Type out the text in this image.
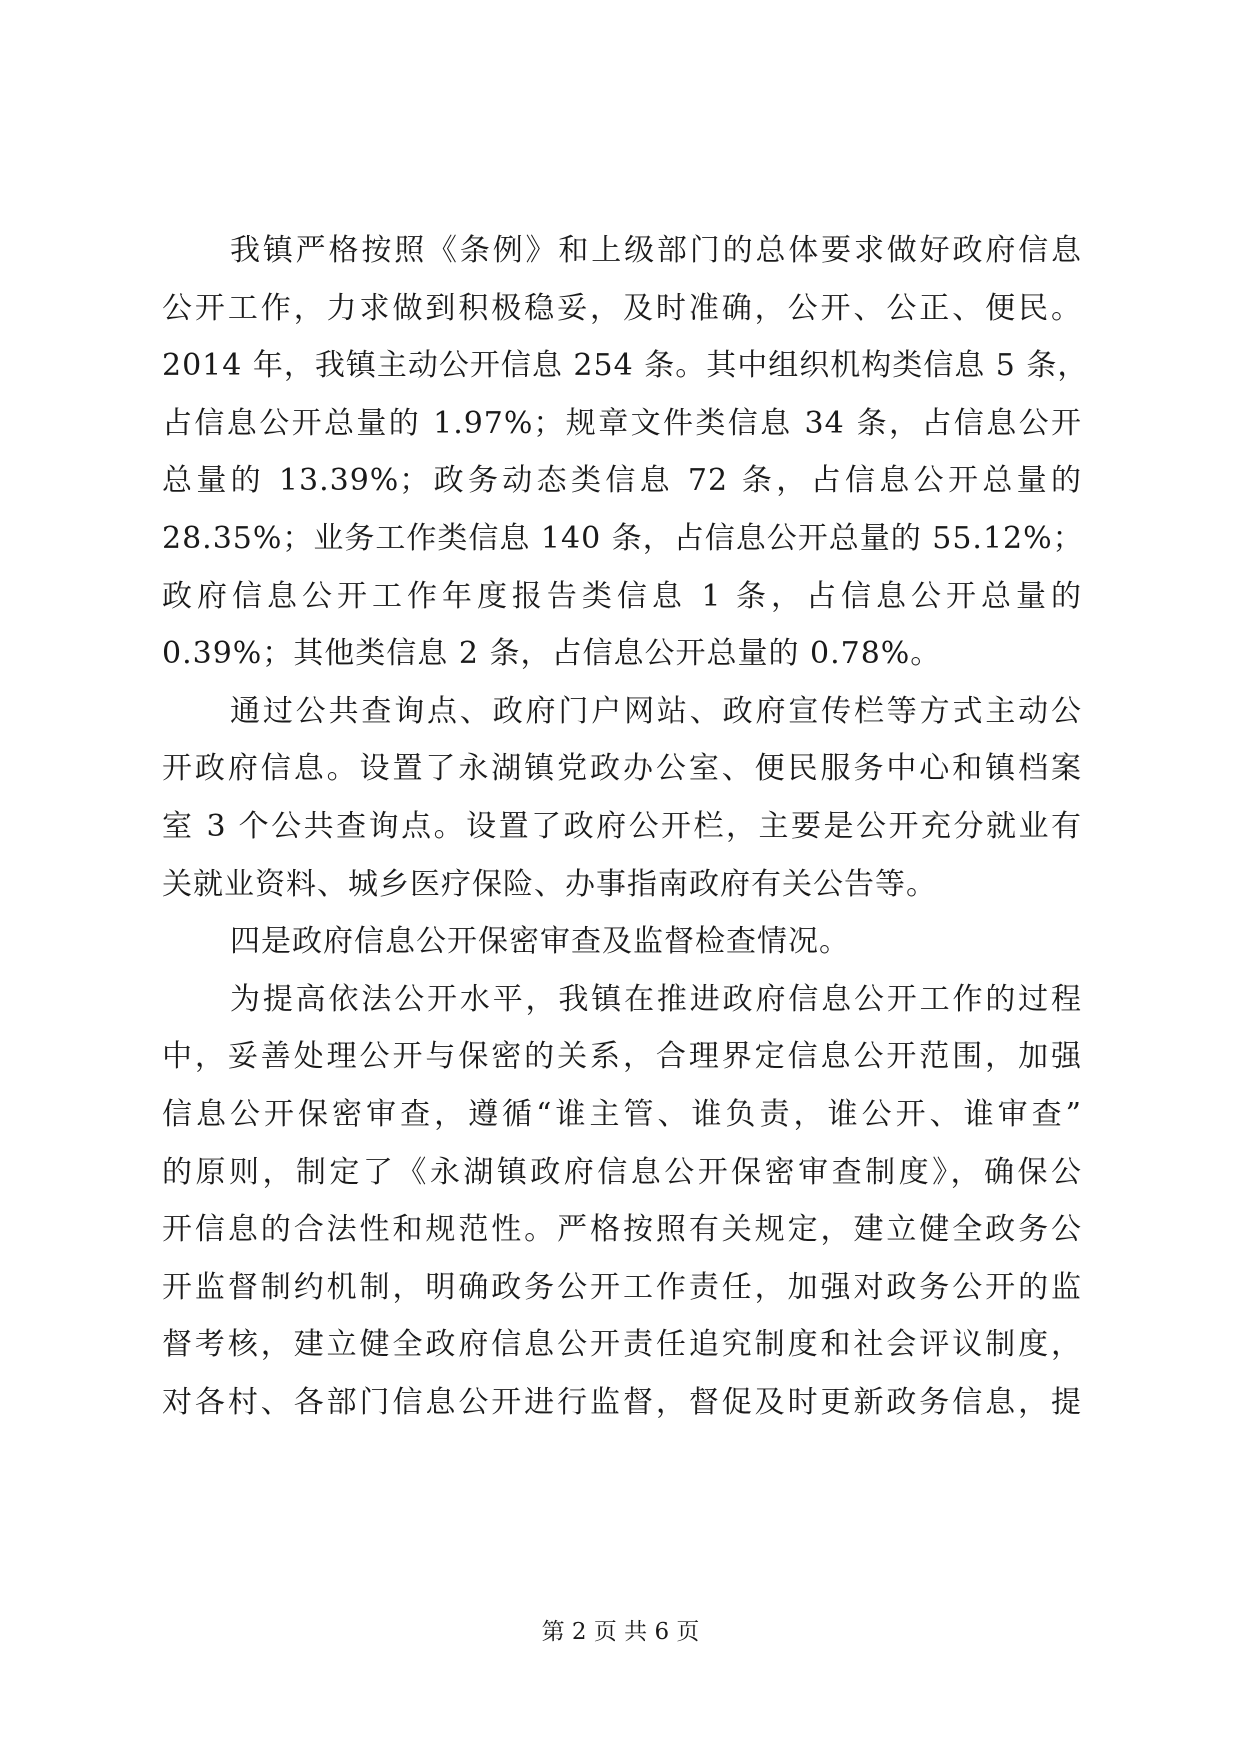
我镇严格按照《条例》和上级部门的总体要求做好政府信息
公开工作，力求做到积极稳妥，及时准确，公开、公正、便民。
2014 年，我镇主动公开信息 254 条。其中组织机构类信息 5 条，
占信息公开总量的 1.97%；规章文件类信息 34 条，占信息公开
总量的 13.39%；政务动态类信息 72 条，占信息公开总量的
28.35%；业务工作类信息 140 条，占信息公开总量的 55.12%；
政府信息公开工作年度报告类信息 1 条，占信息公开总量的
0.39%；其他类信息 2 条，占信息公开总量的 0.78%。
通过公共查询点、政府门户网站、政府宣传栏等方式主动公
开政府信息。设置了永湖镇党政办公室、便民服务中心和镇档案
室 3 个公共查询点。设置了政府公开栏，主要是公开充分就业有
关就业资料、城乡医疗保险、办事指南政府有关公告等。
四是政府信息公开保密审查及监督检查情况。
为提高依法公开水平，我镇在推进政府信息公开工作的过程
中，妥善处理公开与保密的关系，合理界定信息公开范围，加强
信息公开保密审查，遵循“谁主管、谁负责，谁公开、谁审查”
的原则，制定了《永湖镇政府信息公开保密审查制度》，确保公
开信息的合法性和规范性。严格按照有关规定，建立健全政务公
开监督制约机制，明确政务公开工作责任，加强对政务公开的监
督考核，建立健全政府信息公开责任追究制度和社会评议制度，
对各村、各部门信息公开进行监督，督促及时更新政务信息，提
第 2 页 共 6 页
